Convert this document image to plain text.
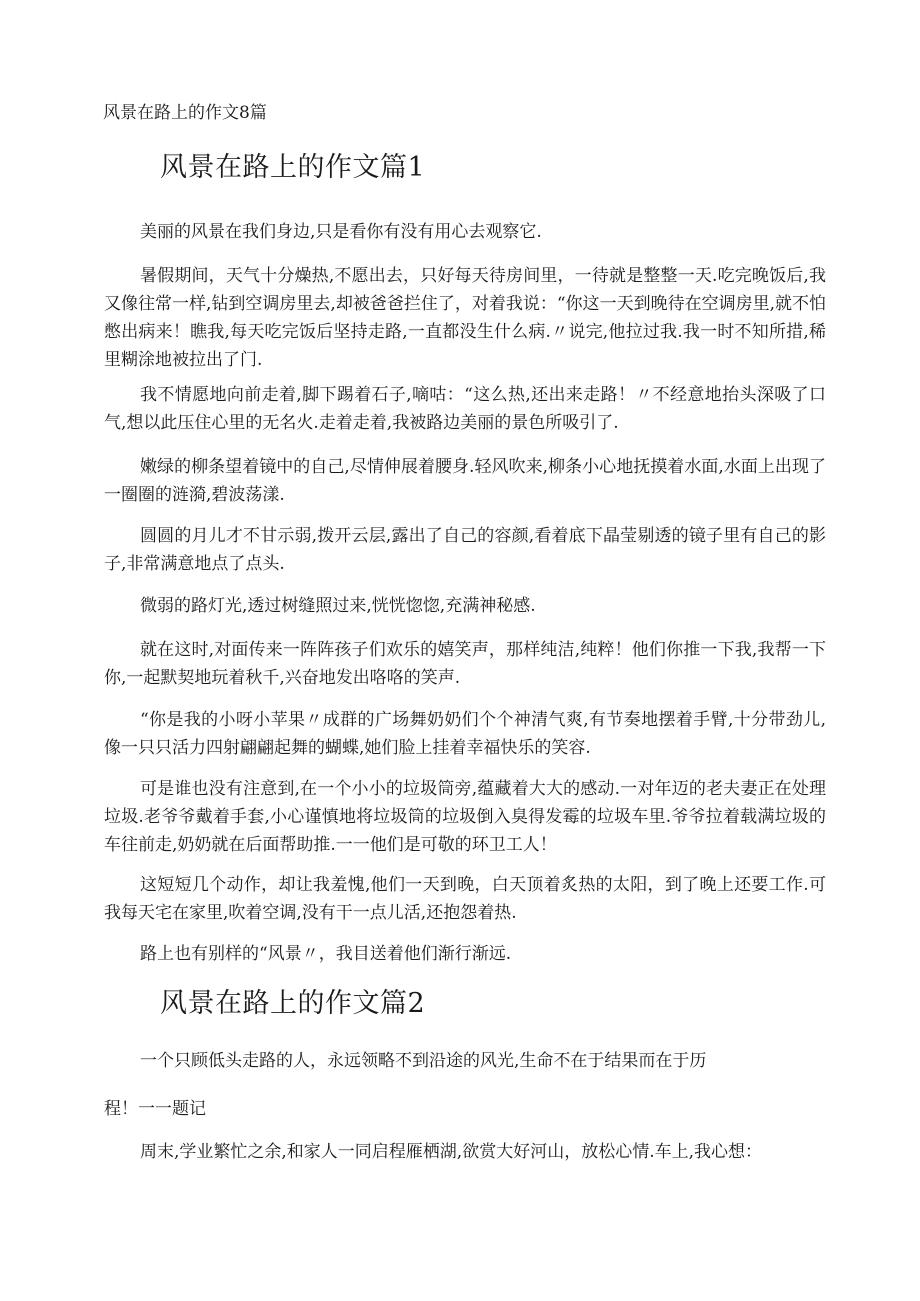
风景在路上的作文8篇
风景在路上的作文篇1

美丽的风景在我们身边,只是看你有没有用心去观察它.

暑假期间，天气十分燥热,不愿出去，只好每天待房间里，一待就是整整一天.吃完晚饭后,我又像往常一样,钻到空调房里去,却被爸爸拦住了，对着我说：“你这一天到晚待在空调房里,就不怕憋出病来！瞧我,每天吃完饭后坚持走路,一直都没生什么病.〃说完,他拉过我.我一时不知所措,稀里糊涂地被拉出了门.

我不情愿地向前走着,脚下踢着石子,嘀咕：“这么热,还出来走路！〃不经意地抬头深吸了口气,想以此压住心里的无名火.走着走着,我被路边美丽的景色所吸引了.

嫩绿的柳条望着镜中的自己,尽情伸展着腰身.轻风吹来,柳条小心地抚摸着水面,水面上出现了一圈圈的涟漪,碧波荡漾.

圆圆的月儿才不甘示弱,拨开云层,露出了自己的容颜,看着底下晶莹剔透的镜子里有自己的影子,非常满意地点了点头.

微弱的路灯光,透过树缝照过来,恍恍惚惚,充满神秘感.

就在这时,对面传来一阵阵孩子们欢乐的嬉笑声，那样纯洁,纯粹！他们你推一下我,我帮一下你,一起默契地玩着秋千,兴奋地发出咯咯的笑声.

“你是我的小呀小苹果〃成群的广场舞奶奶们个个神清气爽,有节奏地摆着手臂,十分带劲儿,像一只只活力四射翩翩起舞的蝴蝶,她们脸上挂着幸福快乐的笑容.

可是谁也没有注意到,在一个小小的垃圾筒旁,蕴藏着大大的感动.一对年迈的老夫妻正在处理垃圾.老爷爷戴着手套,小心谨慎地将垃圾筒的垃圾倒入臭得发霉的垃圾车里.爷爷拉着载满垃圾的车往前走,奶奶就在后面帮助推.一一他们是可敬的环卫工人！

这短短几个动作，却让我羞愧,他们一天到晚，白天顶着炙热的太阳，到了晚上还要工作.可我每天宅在家里,吹着空调,没有干一点儿活,还抱怨着热.

路上也有别样的“风景〃，我目送着他们渐行渐远.

风景在路上的作文篇2

一个只顾低头走路的人，永远领略不到沿途的风光,生命不在于结果而在于历

程！一一题记

周末,学业繁忙之余,和家人一同启程雁栖湖,欲赏大好河山，放松心情.车上,我心想：
